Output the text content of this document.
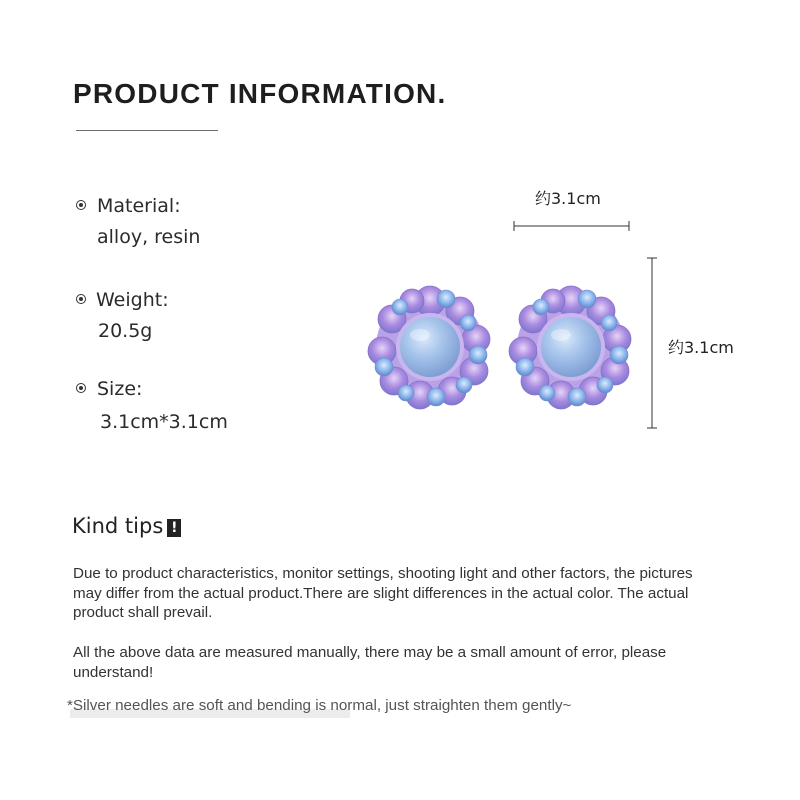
PRODUCT INFORMATION.
Material:
alloy, resin
Weight:
20.5g
Size:
3.1cm*3.1cm
约3.1cm
约3.1cm
Kind tips !
Due to product characteristics, monitor settings, shooting light and other factors, the pictures may differ from the actual product.There are slight differences in the actual color. The actual product shall prevail.
All the above data are measured manually, there may be a small amount of error, please understand!
*Silver needles are soft and bending is normal, just straighten them gently~
